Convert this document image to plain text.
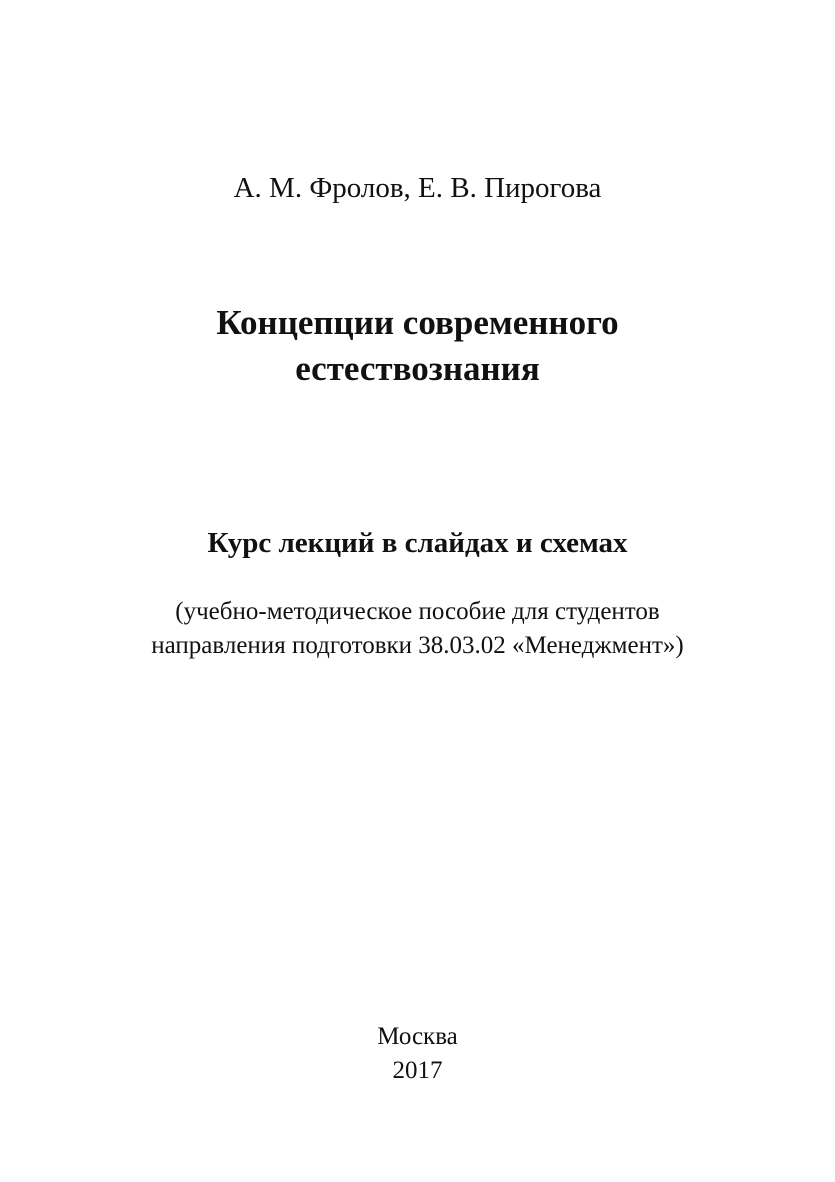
А. М. Фролов, Е. В. Пирогова
Концепции современного
естествознания
Курс лекций в слайдах и схемах
(учебно-методическое пособие для студентов
направления подготовки 38.03.02 «Менеджмент»)
Москва
2017
